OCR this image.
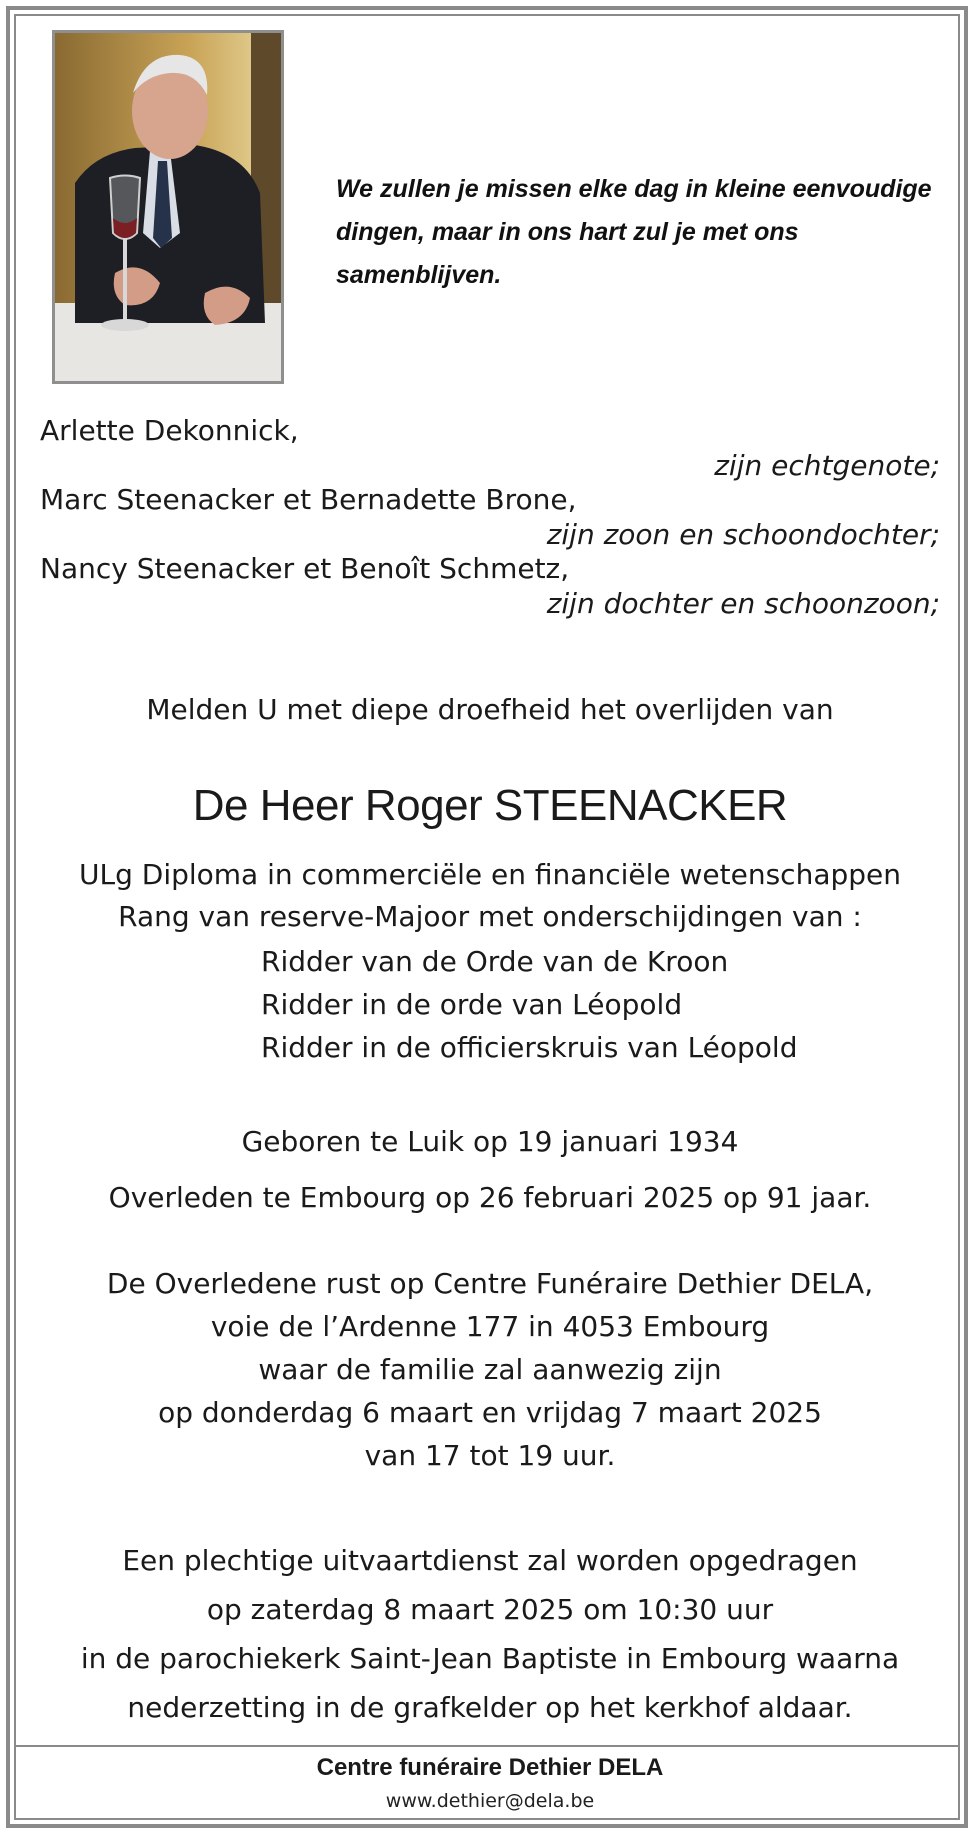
We zullen je missen elke dag in kleine eenvoudige
dingen, maar in ons hart zul je met ons
samenblijven.
Arlette Dekonnick,
zijn echtgenote;
Marc Steenacker et Bernadette Brone,
zijn zoon en schoondochter;
Nancy Steenacker et Benoît Schmetz,
zijn dochter en schoonzoon;
Melden U met diepe droefheid het overlijden van
De Heer Roger STEENACKER
ULg Diploma in commerciële en financiële wetenschappen
Rang van reserve-Majoor met onderschijdingen van :
Ridder van de Orde van de Kroon
Ridder in de orde van Léopold
Ridder in de officierskruis van Léopold
Geboren te Luik op 19 januari 1934
Overleden te Embourg op 26 februari 2025 op 91 jaar.
De Overledene rust op Centre Funéraire Dethier DELA,
voie de l’Ardenne 177 in 4053 Embourg
waar de familie zal aanwezig zijn
op donderdag 6 maart en vrijdag 7 maart 2025
van 17 tot 19 uur.
Een plechtige uitvaartdienst zal worden opgedragen
op zaterdag 8 maart 2025 om 10:30 uur
in de parochiekerk Saint-Jean Baptiste in Embourg waarna
nederzetting in de grafkelder op het kerkhof aldaar.
Centre funéraire Dethier DELA
www.dethier@dela.be
